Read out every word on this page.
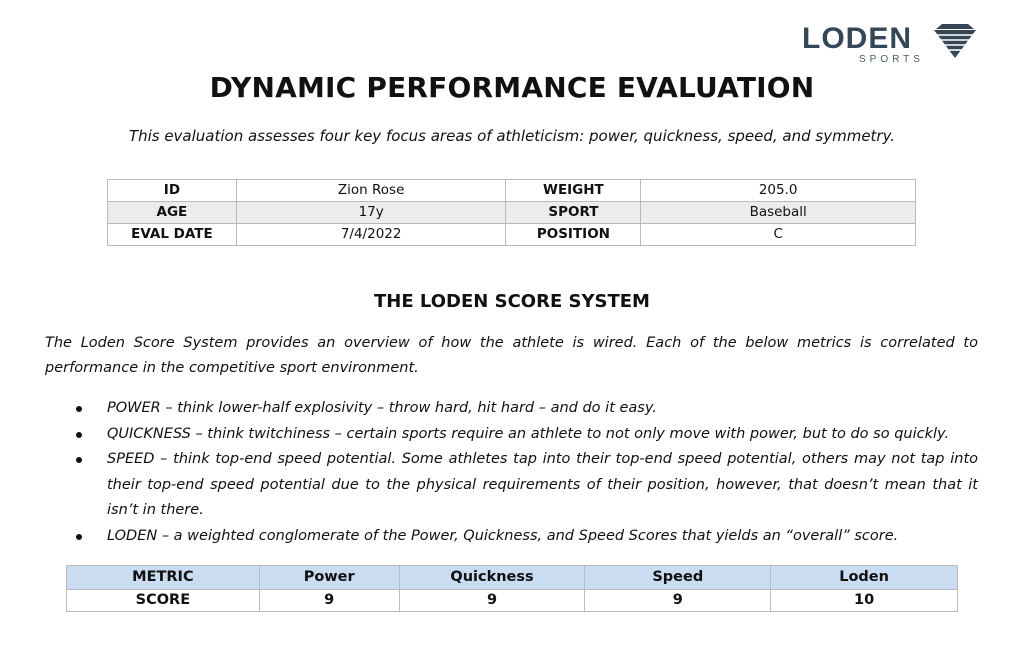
LODEN
SPORTS
DYNAMIC PERFORMANCE EVALUATION
This evaluation assesses four key focus areas of athleticism: power, quickness, speed, and symmetry.
ID	Zion Rose	WEIGHT	205.0
AGE	17y	SPORT	Baseball
EVAL DATE	7/4/2022	POSITION	C
THE LODEN SCORE SYSTEM
The Loden Score System provides an overview of how the athlete is wired. Each of the below metrics is correlated to performance in the competitive sport environment.
POWER – think lower-half explosivity – throw hard, hit hard – and do it easy.
QUICKNESS – think twitchiness – certain sports require an athlete to not only move with power, but to do so quickly.
SPEED – think top-end speed potential. Some athletes tap into their top-end speed potential, others may not tap into their top-end speed potential due to the physical requirements of their position, however, that doesn’t mean that it isn’t in there.
LODEN – a weighted conglomerate of the Power, Quickness, and Speed Scores that yields an “overall” score.
METRIC	Power	Quickness	Speed	Loden
SCORE	9	9	9	10
